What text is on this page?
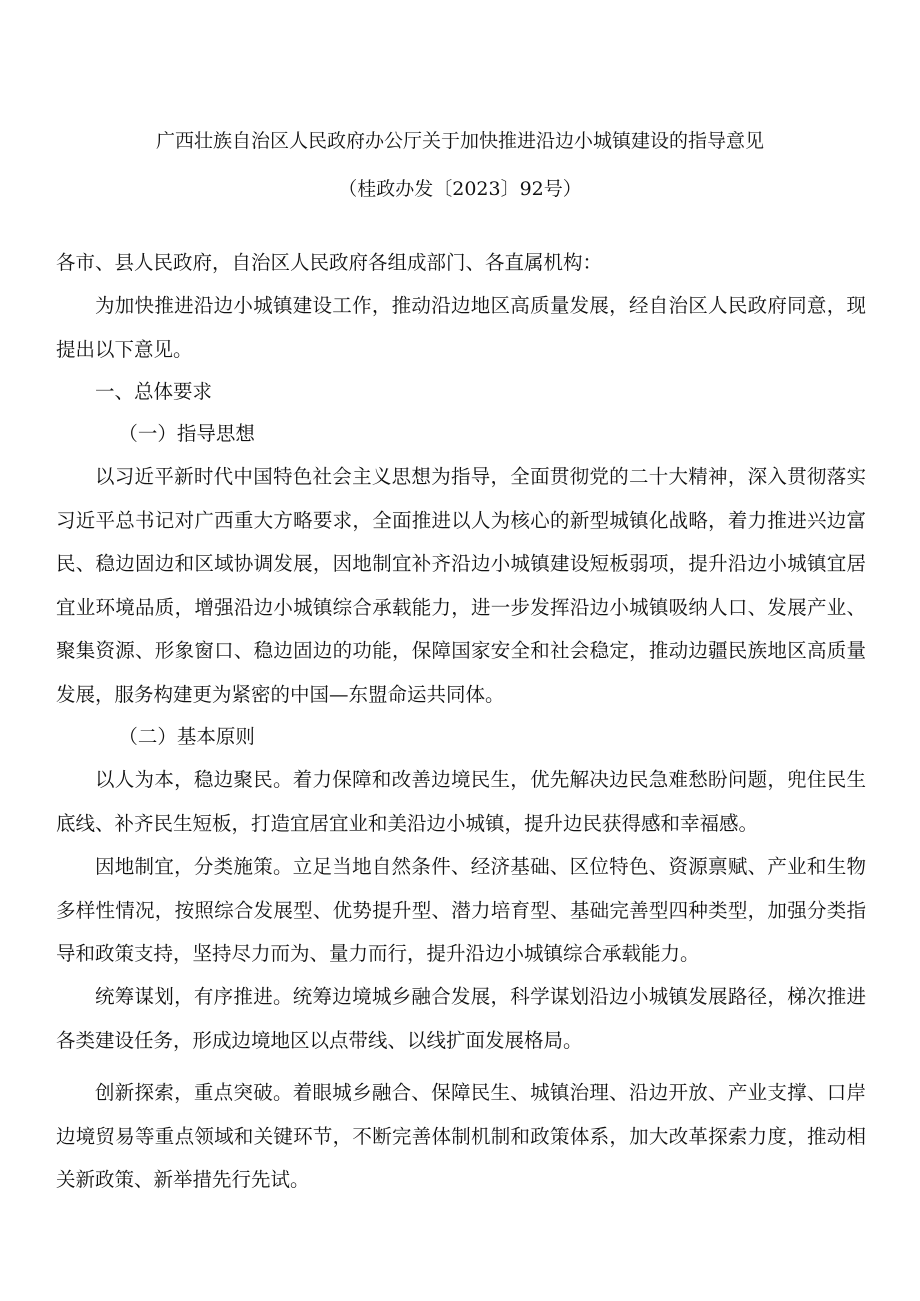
广西壮族自治区人民政府办公厅关于加快推进沿边小城镇建设的指导意见
（桂政办发〔2023〕92号）

各市、县人民政府，自治区人民政府各组成部门、各直属机构：

为加快推进沿边小城镇建设工作，推动沿边地区高质量发展，经自治区人民政府同意，现提出以下意见。

一、总体要求

（一）指导思想

以习近平新时代中国特色社会主义思想为指导，全面贯彻党的二十大精神，深入贯彻落实习近平总书记对广西重大方略要求，全面推进以人为核心的新型城镇化战略，着力推进兴边富民、稳边固边和区域协调发展，因地制宜补齐沿边小城镇建设短板弱项，提升沿边小城镇宜居宜业环境品质，增强沿边小城镇综合承载能力，进一步发挥沿边小城镇吸纳人口、发展产业、聚集资源、形象窗口、稳边固边的功能，保障国家安全和社会稳定，推动边疆民族地区高质量发展，服务构建更为紧密的中国—东盟命运共同体。

（二）基本原则

以人为本，稳边聚民。着力保障和改善边境民生，优先解决边民急难愁盼问题，兜住民生底线、补齐民生短板，打造宜居宜业和美沿边小城镇，提升边民获得感和幸福感。

因地制宜，分类施策。立足当地自然条件、经济基础、区位特色、资源禀赋、产业和生物多样性情况，按照综合发展型、优势提升型、潜力培育型、基础完善型四种类型，加强分类指导和政策支持，坚持尽力而为、量力而行，提升沿边小城镇综合承载能力。

统筹谋划，有序推进。统筹边境城乡融合发展，科学谋划沿边小城镇发展路径，梯次推进各类建设任务，形成边境地区以点带线、以线扩面发展格局。

创新探索，重点突破。着眼城乡融合、保障民生、城镇治理、沿边开放、产业支撑、口岸边境贸易等重点领域和关键环节，不断完善体制机制和政策体系，加大改革探索力度，推动相关新政策、新举措先行先试。
